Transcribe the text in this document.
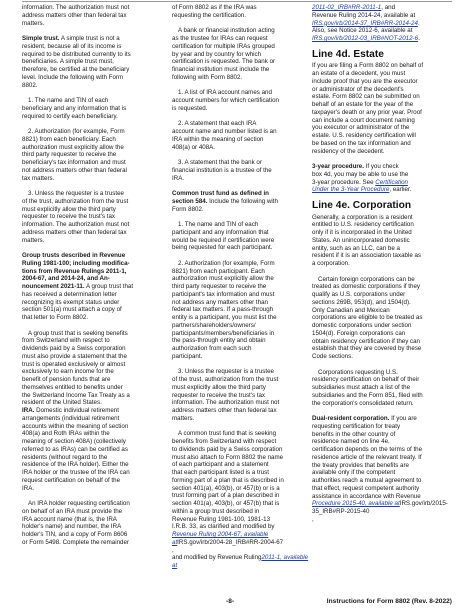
information. The authorization must not
address matters other than federal tax
matters.

Simple trust. A simple trust is not a
resident, because all of its income is
required to be distributed currently to its
beneficiaries. A simple trust must,
therefore, be certified at the beneficiary
level. Include the following with Form
8802.

1. The name and TIN of each
beneficiary and any information that is
required to certify each beneficiary.

2. Authorization (for example, Form
8821) from each beneficiary. Each
authorization must explicitly allow the
third party requester to receive the
beneficiary's tax information and must
not address matters other than federal
tax matters.

3. Unless the requester is a trustee
of the trust, authorization from the trust
must explicitly allow the third party
requester to receive the trust's tax
information. The authorization must not
address matters other than federal tax
matters.

Group trusts described in Revenue
Ruling 1981-100; including modifica-
tions from Revenue Rulings 2011-1,
2004-67, and 2014-24, and An-
nouncement 2021-11. A group trust that
has received a determination letter
recognizing its exempt status under
section 501(a) must attach a copy of
that letter to Form 8802.

A group trust that is seeking benefits
from Switzerland with respect to
dividends paid by a Swiss corporation
must also provide a statement that the
trust is operated exclusively or almost
exclusively to earn income for the
benefit of pension funds that are
themselves entitled to benefits under
the Switzerland Income Tax Treaty as a
resident of the United States.

IRA. Domestic individual retirement
arrangements (individual retirement
accounts within the meaning of section
408(a) and Roth IRAs within the
meaning of section 408A) (collectively
referred to as IRAs) can be certified as
residents (without regard to the
residence of the IRA holder). Either the
IRA holder or the trustee of the IRA can
request certification on behalf of the
IRA.

An IRA holder requesting certification
on behalf of an IRA must provide the
IRA account name (that is, the IRA
holder's name) and number, the IRA
holder's TIN, and a copy of Form 8606
or Form 5498. Complete the remainder

of Form 8802 as if the IRA was
requesting the certification.

A bank or financial institution acting
as the trustee for IRAs can request
certification for multiple IRAs grouped
by year and by country for which
certification is requested. The bank or
financial institution must include the
following with Form 8802.

1. A list of IRA account names and
account numbers for which certification
is requested.

2. A statement that each IRA
account name and number listed is an
IRA within the meaning of section
408(a) or 408A.

3. A statement that the bank or
financial institution is a trustee of the
IRA.

Common trust fund as defined in
section 584. Include the following with
Form 8802.

1. The name and TIN of each
participant and any information that
would be required if certification were
being requested for each participant.

2. Authorization (for example, Form
8821) from each participant. Each
authorization must explicitly allow the
third party requester to receive the
participant's tax information and must
not address any matters other than
federal tax matters. If a pass-through
entity is a participant, you must list the
partners/shareholders/owners/
participants/members/beneficiaries in
the pass-through entity and obtain
authorization from each such
participant.

3. Unless the requester is a trustee
of the trust, authorization from the trust
must explicitly allow the third party
requester to receive the trust's tax
information. The authorization must not
address matters other than federal tax
matters.

A common trust fund that is seeking
benefits from Switzerland with respect
to dividends paid by a Swiss corporation
must also attach to Form 8802 the name
of each participant and a statement
that each participant listed is a trust
forming part of a plan that is described in
section 401(a), 403(b), or 457(b) or is a
trust forming part of a plan described in
section 401(a), 403(b), or 457(b) that is
within a group trust described in
Revenue Ruling 1981-100, 1981-13
I.R.B. 33, as clarified and modified by
Revenue Ruling 2004-67, available atIRS.gov/irb/2004-28_IRB#RR-2004-67
,
and modified by Revenue Ruling2011-1, available at

2011-02_IRB#RR-2011-1, and
Revenue Ruling 2014-24, available at
IRS.gov/irb/2014-37_IRB#RR-2014-24.
Also, see Notice 2012-6, available at
IRS.gov/irb/2012-03_IRB#NOT-2012-6.

Line 4d. Estate

If you are filing a Form 8802 on behalf of
an estate of a decedent, you must
include proof that you are the executor
or administrator of the decedent's
estate. Form 8802 can be submitted on
behalf of an estate for the year of the
taxpayer's death or any prior year. Proof
can include a court document naming
you executor or administrator of the
estate. U.S. residency certification will
be based on the tax information and
residency of the decedent.

3-year procedure. If you check
box 4d, you may be able to use the
3-year procedure. See Certification
Under the 3-Year Procedure, earlier.

Line 4e. Corporation

Generally, a corporation is a resident
entitled to U.S. residency certification
only if it is incorporated in the United
States. An unincorporated domestic
entity, such as an LLC, can be a
resident if it is an association taxable as
a corporation.

Certain foreign corporations can be
treated as domestic corporations if they
qualify as U.S. corporations under
sections 269B, 953(d), and 1504(d).
Only Canadian and Mexican
corporations are eligible to be treated as
domestic corporations under section
1504(d). Foreign corporations can
obtain residency certification if they can
establish that they are covered by these
Code sections.

Corporations requesting U.S.
residency certification on behalf of their
subsidiaries must attach a list of the
subsidiaries and the Form 851, filed with
the corporation's consolidated return.

Dual-resident corporation. If you are
requesting certification for treaty
benefits in the other country of
residence named on line 4e,
certification depends on the terms of the
residence article of the relevant treaty. If
the treaty provides that benefits are
available only if the competent
authorities reach a mutual agreement to
that effect, request competent authority
assistance in accordance with Revenue
Procedure 2015-40, available atIRS.gov/irb/2015-35_IRB#RP-2015-40
,

-8-	Instructions for Form 8802 (Rev. 8-2022)
